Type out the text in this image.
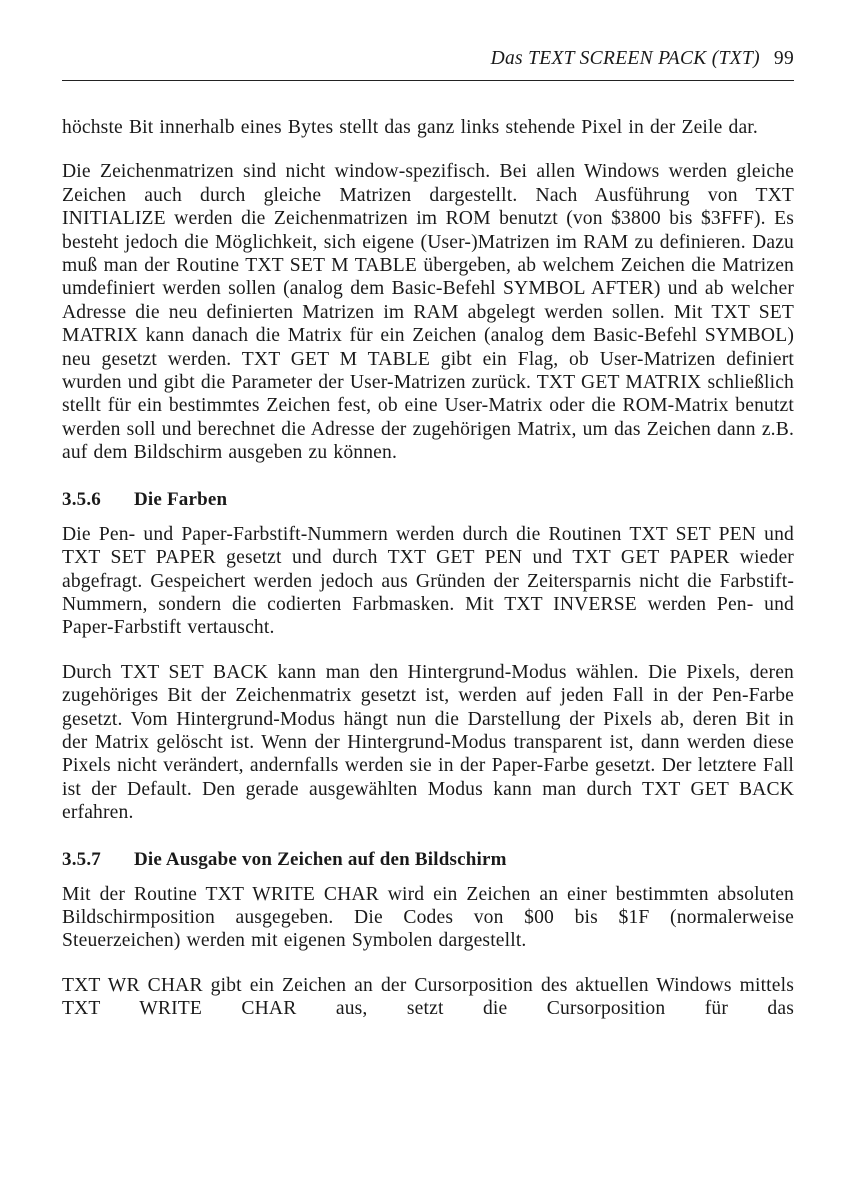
Das TEXT SCREEN PACK (TXT) 99

höchste Bit innerhalb eines Bytes stellt das ganz links stehende Pixel in der Zeile dar.

Die Zeichenmatrizen sind nicht window-spezifisch. Bei allen Windows werden gleiche Zeichen auch durch gleiche Matrizen dargestellt. Nach Ausführung von TXT INITIALIZE werden die Zeichenmatrizen im ROM benutzt (von $3800 bis $3FFF). Es besteht jedoch die Möglichkeit, sich eigene (User-)Matrizen im RAM zu definieren. Dazu muß man der Routine TXT SET M TABLE übergeben, ab welchem Zeichen die Matrizen umdefiniert werden sollen (analog dem Basic-Befehl SYMBOL AFTER) und ab welcher Adresse die neu definierten Matrizen im RAM abgelegt werden sollen. Mit TXT SET MATRIX kann danach die Matrix für ein Zeichen (analog dem Basic-Befehl SYMBOL) neu gesetzt werden. TXT GET M TABLE gibt ein Flag, ob User-Matrizen definiert wurden und gibt die Parameter der User-Matrizen zurück. TXT GET MATRIX schließlich stellt für ein bestimmtes Zeichen fest, ob eine User-Matrix oder die ROM-Matrix benutzt werden soll und berechnet die Adresse der zugehörigen Matrix, um das Zeichen dann z.B. auf dem Bildschirm ausgeben zu können.

3.5.6 Die Farben

Die Pen- und Paper-Farbstift-Nummern werden durch die Routinen TXT SET PEN und TXT SET PAPER gesetzt und durch TXT GET PEN und TXT GET PAPER wieder abgefragt. Gespeichert werden jedoch aus Gründen der Zeitersparnis nicht die Farbstift-Nummern, sondern die codierten Farbmasken. Mit TXT INVERSE werden Pen- und Paper-Farbstift vertauscht.

Durch TXT SET BACK kann man den Hintergrund-Modus wählen. Die Pixels, deren zugehöriges Bit der Zeichenmatrix gesetzt ist, werden auf jeden Fall in der Pen-Farbe gesetzt. Vom Hintergrund-Modus hängt nun die Darstellung der Pixels ab, deren Bit in der Matrix gelöscht ist. Wenn der Hintergrund-Modus transparent ist, dann werden diese Pixels nicht verändert, andernfalls werden sie in der Paper-Farbe gesetzt. Der letztere Fall ist der Default. Den gerade ausgewählten Modus kann man durch TXT GET BACK erfahren.

3.5.7 Die Ausgabe von Zeichen auf den Bildschirm

Mit der Routine TXT WRITE CHAR wird ein Zeichen an einer bestimmten absoluten Bildschirmposition ausgegeben. Die Codes von $00 bis $1F (normalerweise Steuerzeichen) werden mit eigenen Symbolen dargestellt.

TXT WR CHAR gibt ein Zeichen an der Cursorposition des aktuellen Windows mittels TXT WRITE CHAR aus, setzt die Cursorposition für das
